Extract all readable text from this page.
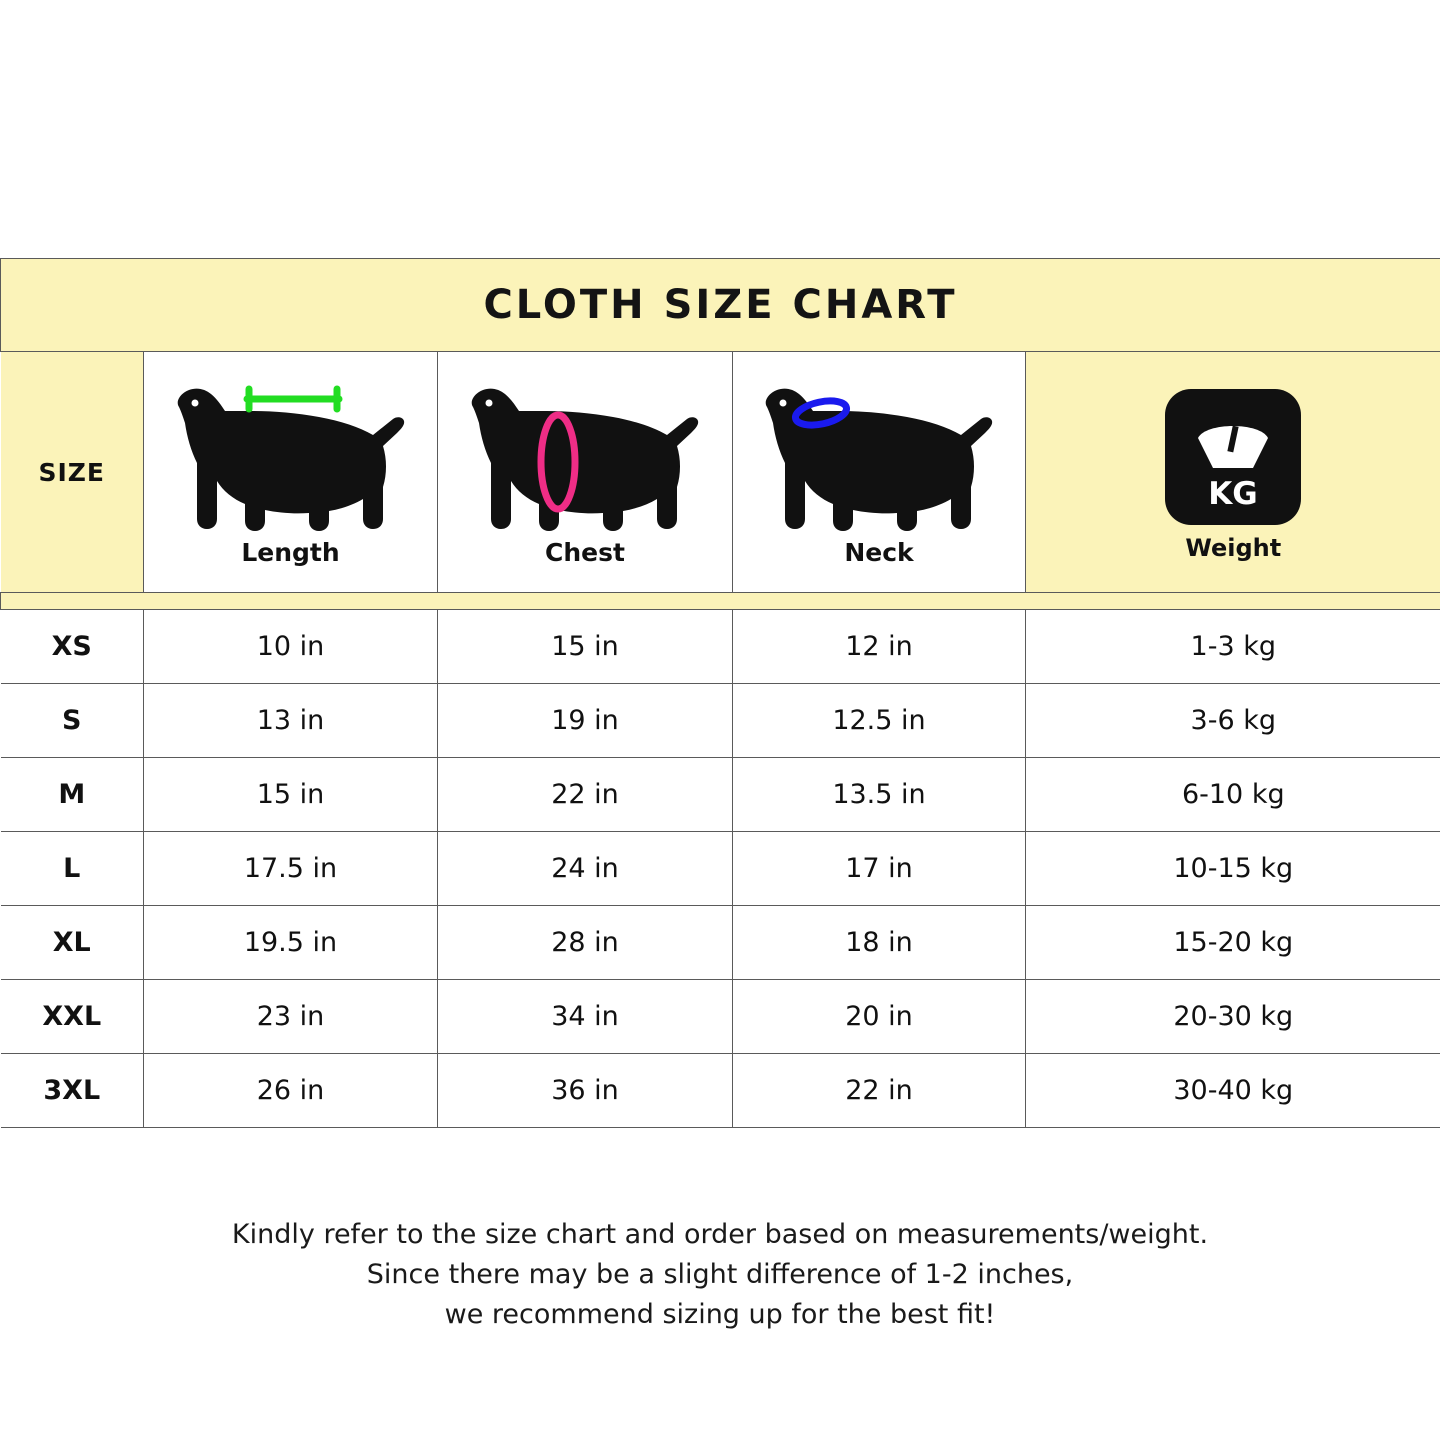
CLOTH SIZE CHART				
SIZE	Length	Chest	Neck	KG
Weight

XS	10 in	15 in	12 in	1-3 kg
S	13 in	19 in	12.5 in	3-6 kg
M	15 in	22 in	13.5 in	6-10 kg
L	17.5 in	24 in	17 in	10-15 kg
XL	19.5 in	28 in	18 in	15-20 kg
XXL	23 in	34 in	20 in	20-30 kg
3XL	26 in	36 in	22 in	30-40 kg
Kindly refer to the size chart and order based on measurements/weight.
Since there may be a slight difference of 1-2 inches,
we recommend sizing up for the best fit!
